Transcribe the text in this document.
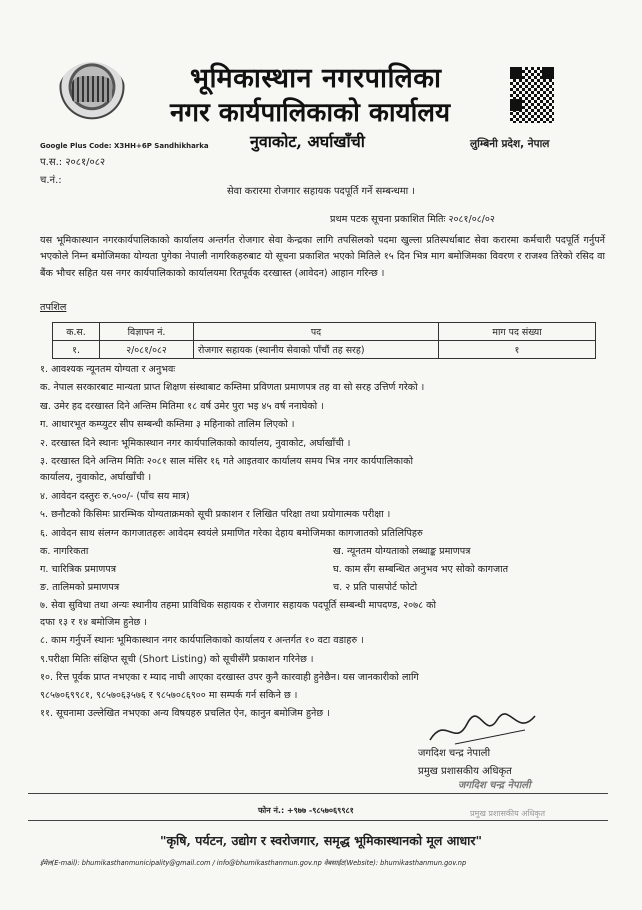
भूमिकास्थान नगरपालिका
नगर कार्यपालिकाको कार्यालय
नुवाकोट, अर्घाखाँची	लुम्बिनी प्रदेश, नेपाल
Google Plus Code: X3HH+6P Sandhikharka
प.स.: २०८१/०८२
च.नं.:
सेवा करारमा रोजगार सहायक पदपूर्ति गर्ने सम्बन्धमा ।
प्रथम पटक सूचना प्रकाशित मितिः २०८१/०८/०२
यस भूमिकास्थान नगरकार्यपालिकाको कार्यालय अन्तर्गत रोजगार सेवा केन्द्रका लागि तपसिलको पदमा खुल्ला प्रतिस्पर्धाबाट सेवा करारमा कर्मचारी पदपूर्ति गर्नुपर्ने भएकोले निम्न बमोजिमका योग्यता पुगेका नेपाली नागरिकहरुबाट यो सूचना प्रकाशित भएको मितिले १५ दिन भित्र माग बमोजिमका विवरण र राजश्व तिरेको रसिद वा बैंक भौचर सहित यस नगर कार्यपालिकाको कार्यालयमा रितपूर्वक दरखास्त (आवेदन) आहान गरिन्छ ।
तपशिल
क.स.	विज्ञापन नं.	पद	माग पद संख्या
१.	२/०८१/०८२	रोजगार सहायक (स्थानीय सेवाको पाँचौं तह सरह)	१
१. आवश्यक न्यूनतम योग्यता र अनुभवः
क. नेपाल सरकारबाट मान्यता प्राप्त शिक्षण संस्थाबाट कम्तिमा प्रविणता प्रमाणपत्र तह वा सो सरह उत्तिर्ण गरेको ।
ख. उमेर हद दरखास्त दिने अन्तिम मितिमा १८ वर्ष उमेर पुरा भइ ४५ वर्ष ननाघेको ।
ग. आधारभूत कम्प्युटर सीप सम्बन्धी कम्तिमा ३ महिनाको तालिम लिएको ।
२. दरखास्त दिने स्थानः भूमिकास्थान नगर कार्यपालिकाको कार्यालय, नुवाकोट, अर्घाखाँची ।
३. दरखास्त दिने अन्तिम मितिः २०८१ साल मंसिर १६ गते आइतवार कार्यालय समय भित्र नगर कार्यपालिकाको
कार्यालय, नुवाकोट, अर्घाखाँची ।
४. आवेदन दस्तुरः रु.५००/- (पाँच सय मात्र)
५. छनौटको किसिमः प्रारम्भिक योग्यताक्रमको सूची प्रकाशन र लिखित परिक्षा तथा प्रयोगात्मक परीक्षा ।
६. आवेदन साथ संलग्न कागजातहरुः आवेदम स्वयंले प्रमाणित गरेका देहाय बमोजिमका कागजातको प्रतिलिपिहरु
क. नागरिकता	ख. न्यूनतम योग्यताको लब्धाङ्क प्रमाणपत्र
ग. चारित्रिक प्रमाणपत्र	घ. काम सँग सम्बन्धित अनुभव भए सोको कागजात
ङ. तालिमको प्रमाणपत्र	च. २ प्रति पासपोर्ट फोटो
७. सेवा सुविधा तथा अन्यः स्थानीय तहमा प्राविधिक सहायक र रोजगार सहायक पदपूर्ति सम्बन्धी मापदण्ड, २०७८ को
दफा १३ र १४ बमोजिम हुनेछ ।
८. काम गर्नुपर्ने स्थानः भूमिकास्थान नगर कार्यपालिकाको कार्यालय र अन्तर्गत १० वटा वडाहरु ।
९.परीक्षा मितिः संक्षिप्त सूची (Short Listing) को सूचीसँगै प्रकाशन गरिनेछ ।
१०. रित्त पूर्वक प्राप्त नभएका र म्याद नाघी आएका दरखास्त उपर कुनै कारवाही हुनेछैन। यस जानकारीको लागि
९८५७०६९९८१, ९८५७०६३५७६ र ९८५७०८६९०० मा सम्पर्क गर्न सकिने छ ।
११. सूचनामा उल्लेखित नभएका अन्य विषयहरु प्रचलित ऐन, कानुन बमोजिम हुनेछ ।
जगदिश चन्द्र नेपाली
प्रमुख प्रशासकीय अधिकृत
जगदिश चन्द्र नेपाली
फोन नं.: +९७७ -९८५७०६९९८१	प्रमुख प्रशासकीय अधिकृत
"कृषि, पर्यटन, उद्योग र स्वरोजगार, समृद्ध भूमिकास्थानको मूल आधार"
ईमेल(E-mail): bhumikasthanmunicipality@gmail.com / info@bhumikasthanmun.gov.np वेबसाईट(Website): bhumikasthanmun.gov.np
